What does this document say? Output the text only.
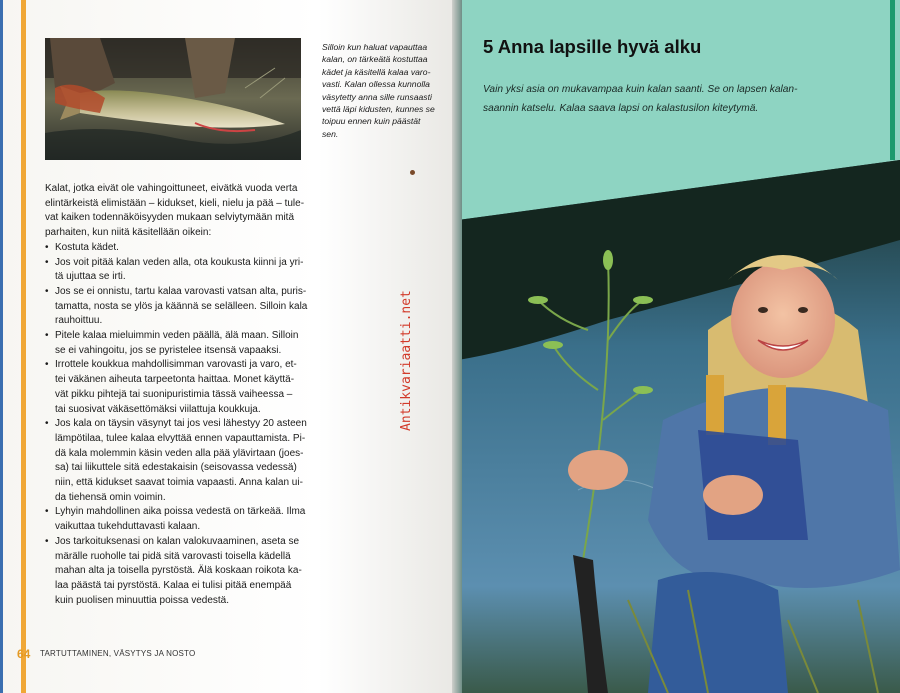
Silloin kun haluat vapauttaa
kalan, on tärkeätä kostuttaa
kädet ja käsitellä kalaa varo-
vasti. Kalan ollessa kunnolla
väsytetty anna sille runsaasti
vettä läpi kidusten, kunnes se
toipuu ennen kuin päästät
sen.
Kalat, jotka eivät ole vahingoittuneet, eivätkä vuoda verta
elintärkeistä elimistään – kidukset, kieli, nielu ja pää – tule-
vat kaiken todennäköisyyden mukaan selviytymään mitä
parhaiten, kun niitä käsitellään oikein:
• Kostuta kädet.
• Jos voit pitää kalan veden alla, ota koukusta kiinni ja yri-
tä ujuttaa se irti.
• Jos se ei onnistu, tartu kalaa varovasti vatsan alta, puris-
tamatta, nosta se ylös ja käännä se selälleen. Silloin kala
rauhoittuu.
• Pitele kalaa mieluimmin veden päällä, älä maan. Silloin
se ei vahingoitu, jos se pyristelee itsensä vapaaksi.
• Irrottele koukkua mahdollisimman varovasti ja varo, et-
tei väkänen aiheuta tarpeetonta haittaa. Monet käyttä-
vät pikku pihtejä tai suonipuristimia tässä vaiheessa –
tai suosivat väkäsettömäksi viilattuja koukkuja.
• Jos kala on täysin väsynyt tai jos vesi lähestyy 20 asteen
lämpötilaa, tulee kalaa elvyttää ennen vapauttamista. Pi-
dä kala molemmin käsin veden alla pää ylävirtaan (joes-
sa) tai liikuttele sitä edestakaisin (seisovassa vedessä)
niin, että kidukset saavat toimia vapaasti. Anna kalan ui-
da tiehensä omin voimin.
• Lyhyin mahdollinen aika poissa vedestä on tärkeää. Ilma
vaikuttaa tukehduttavasti kalaan.
• Jos tarkoituksenasi on kalan valokuvaaminen, aseta se
märälle ruoholle tai pidä sitä varovasti toisella kädellä
mahan alta ja toisella pyrstöstä. Älä koskaan roikota ka-
laa päästä tai pyrstöstä. Kalaa ei tulisi pitää enempää
kuin puolisen minuuttia poissa vedestä.
Antikvariaatti.net
64 TARTUTTAMINEN, VÄSYTYS JA NOSTO
5 Anna lapsille hyvä alku
Vain yksi asia on mukavampaa kuin kalan saanti. Se on lapsen kalan-
saannin katselu. Kalaa saava lapsi on kalastusilon kiteytymä.
